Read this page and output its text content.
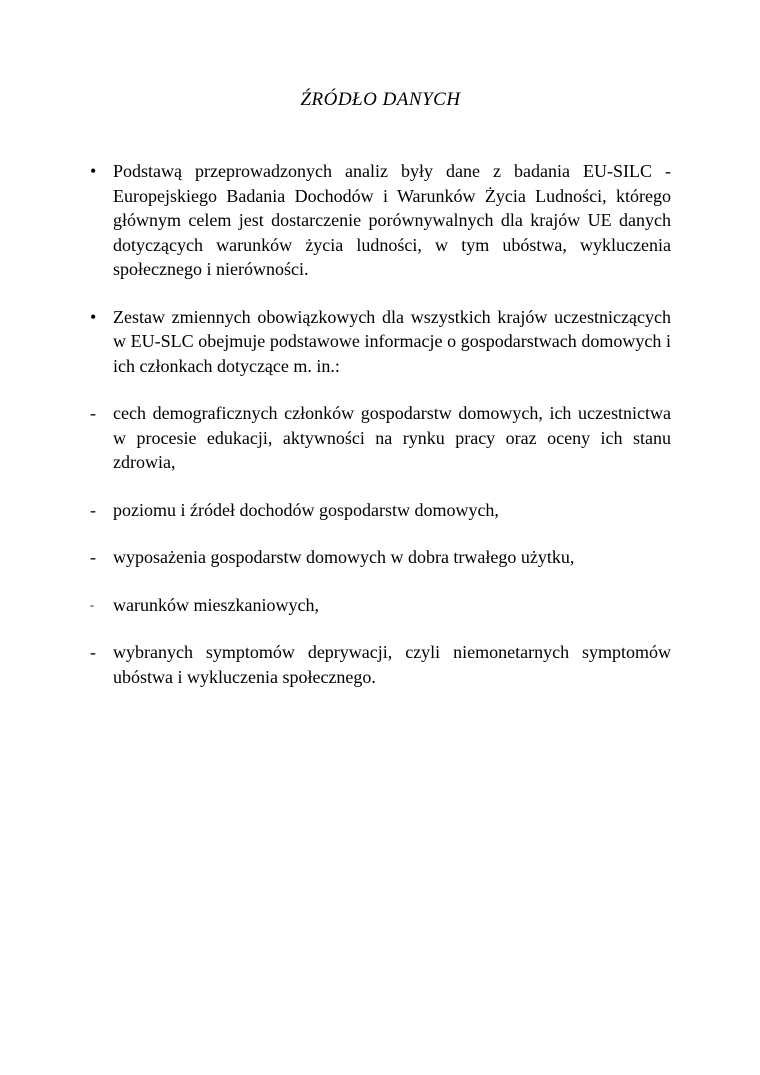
ŹRÓDŁO DANYCH
• Podstawą przeprowadzonych analiz były dane z badania EU-SILC - Europejskiego Badania Dochodów i Warunków Życia Ludności, którego głównym celem jest dostarczenie porównywalnych dla krajów UE danych dotyczących warunków życia ludności, w tym ubóstwa, wykluczenia społecznego i nierówności.
• Zestaw zmiennych obowiązkowych dla wszystkich krajów uczestniczących w EU-SLC obejmuje podstawowe informacje o gospodarstwach domowych i ich członkach dotyczące m. in.:
- cech demograficznych członków gospodarstw domowych, ich uczestnictwa w procesie edukacji, aktywności na rynku pracy oraz oceny ich stanu zdrowia,
- poziomu i źródeł dochodów gospodarstw domowych,
- wyposażenia gospodarstw domowych w dobra trwałego użytku,
-	warunków mieszkaniowych,
- wybranych symptomów deprywacji, czyli niemonetarnych symptomów ubóstwa i wykluczenia społecznego.
